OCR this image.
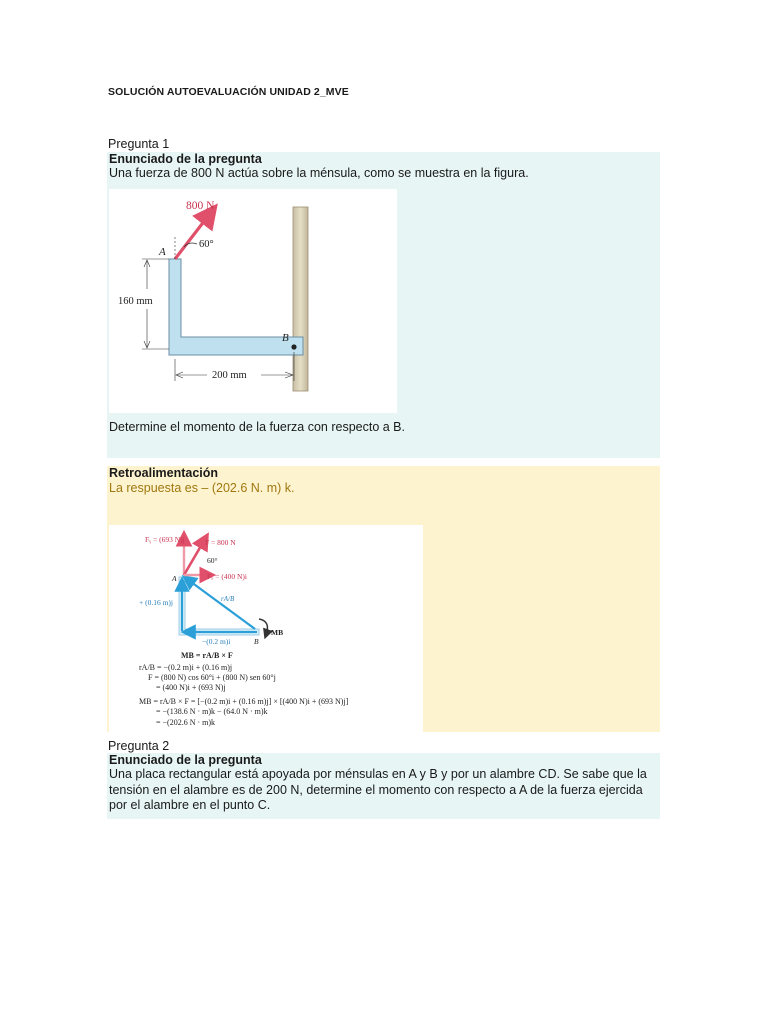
SOLUCIÓN AUTOEVALUACIÓN UNIDAD 2_MVE
Pregunta 1
Enunciado de la pregunta
Una fuerza de 800 N actúa sobre la ménsula, como se muestra en la figura.
Determine el momento de la fuerza con respecto a B.
800 N
60°
A
B
160 mm
200 mm
Retroalimentación
La respuesta es – (202.6 N. m) k.
Fᵧ = (693 N)j	F = 800 N
60°
Fₓ = (400 N)i
A
rA/B
+ (0.16 m)j
−(0.2 m)i	B
MB
MB = rA/B × F
rA/B = −(0.2 m)i + (0.16 m)j
F = (800 N) cos 60°i + (800 N) sen 60°j
= (400 N)i + (693 N)j
MB = rA/B × F = [−(0.2 m)i + (0.16 m)j] × [(400 N)i + (693 N)j]
= −(138.6 N · m)k − (64.0 N · m)k
= −(202.6 N · m)k
Pregunta 2
Enunciado de la pregunta
Una placa rectangular está apoyada por ménsulas en A y B y por un alambre CD. Se sabe que la tensión en el alambre es de 200 N, determine el momento con respecto a A de la fuerza ejercida por el alambre en el punto C.
